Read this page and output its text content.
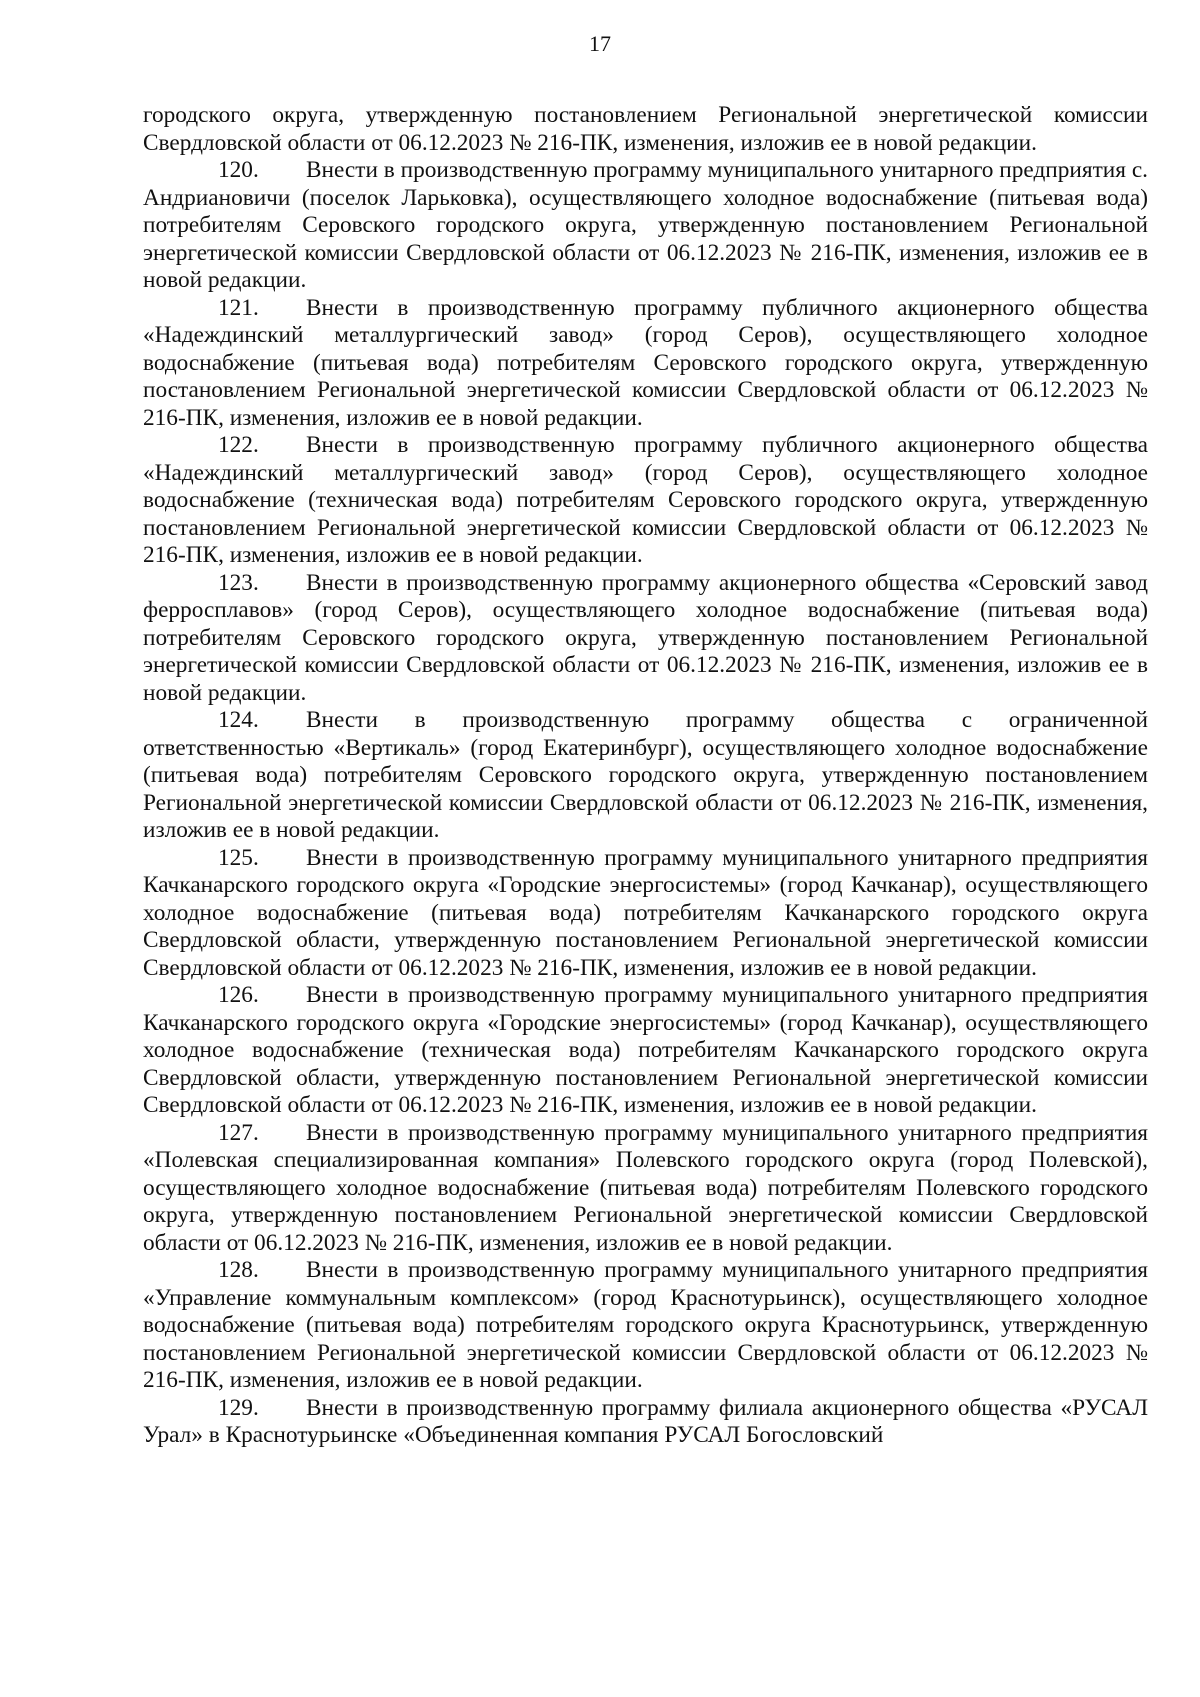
17

городского округа, утвержденную постановлением Региональной энергетической комиссии Свердловской области от 06.12.2023 № 216-ПК, изменения, изложив ее в новой редакции.

120. Внести в производственную программу муниципального унитарного предприятия с. Андриановичи (поселок Ларьковка), осуществляющего холодное водоснабжение (питьевая вода) потребителям Серовского городского округа, утвержденную постановлением Региональной энергетической комиссии Свердловской области от 06.12.2023 № 216-ПК, изменения, изложив ее в новой редакции.

121. Внести в производственную программу публичного акционерного общества «Надеждинский металлургический завод» (город Серов), осуществляющего холодное водоснабжение (питьевая вода) потребителям Серовского городского округа, утвержденную постановлением Региональной энергетической комиссии Свердловской области от 06.12.2023 № 216-ПК, изменения, изложив ее в новой редакции.

122. Внести в производственную программу публичного акционерного общества «Надеждинский металлургический завод» (город Серов), осуществляющего холодное водоснабжение (техническая вода) потребителям Серовского городского округа, утвержденную постановлением Региональной энергетической комиссии Свердловской области от 06.12.2023 № 216-ПК, изменения, изложив ее в новой редакции.

123. Внести в производственную программу акционерного общества «Серовский завод ферросплавов» (город Серов), осуществляющего холодное водоснабжение (питьевая вода) потребителям Серовского городского округа, утвержденную постановлением Региональной энергетической комиссии Свердловской области от 06.12.2023 № 216-ПК, изменения, изложив ее в новой редакции.

124. Внести в производственную программу общества с ограниченной ответственностью «Вертикаль» (город Екатеринбург), осуществляющего холодное водоснабжение (питьевая вода) потребителям Серовского городского округа, утвержденную постановлением Региональной энергетической комиссии Свердловской области от 06.12.2023 № 216-ПК, изменения, изложив ее в новой редакции.

125. Внести в производственную программу муниципального унитарного предприятия Качканарского городского округа «Городские энергосистемы» (город Качканар), осуществляющего холодное водоснабжение (питьевая вода) потребителям Качканарского городского округа Свердловской области, утвержденную постановлением Региональной энергетической комиссии Свердловской области от 06.12.2023 № 216-ПК, изменения, изложив ее в новой редакции.

126. Внести в производственную программу муниципального унитарного предприятия Качканарского городского округа «Городские энергосистемы» (город Качканар), осуществляющего холодное водоснабжение (техническая вода) потребителям Качканарского городского округа Свердловской области, утвержденную постановлением Региональной энергетической комиссии Свердловской области от 06.12.2023 № 216-ПК, изменения, изложив ее в новой редакции.

127. Внести в производственную программу муниципального унитарного предприятия «Полевская специализированная компания» Полевского городского округа (город Полевской), осуществляющего холодное водоснабжение (питьевая вода) потребителям Полевского городского округа, утвержденную постановлением Региональной энергетической комиссии Свердловской области от 06.12.2023 № 216-ПК, изменения, изложив ее в новой редакции.

128. Внести в производственную программу муниципального унитарного предприятия «Управление коммунальным комплексом» (город Краснотурьинск), осуществляющего холодное водоснабжение (питьевая вода) потребителям городского округа Краснотурьинск, утвержденную постановлением Региональной энергетической комиссии Свердловской области от 06.12.2023 № 216-ПК, изменения, изложив ее в новой редакции.

129. Внести в производственную программу филиала акционерного общества «РУСАЛ Урал» в Краснотурьинске «Объединенная компания РУСАЛ Богословский
